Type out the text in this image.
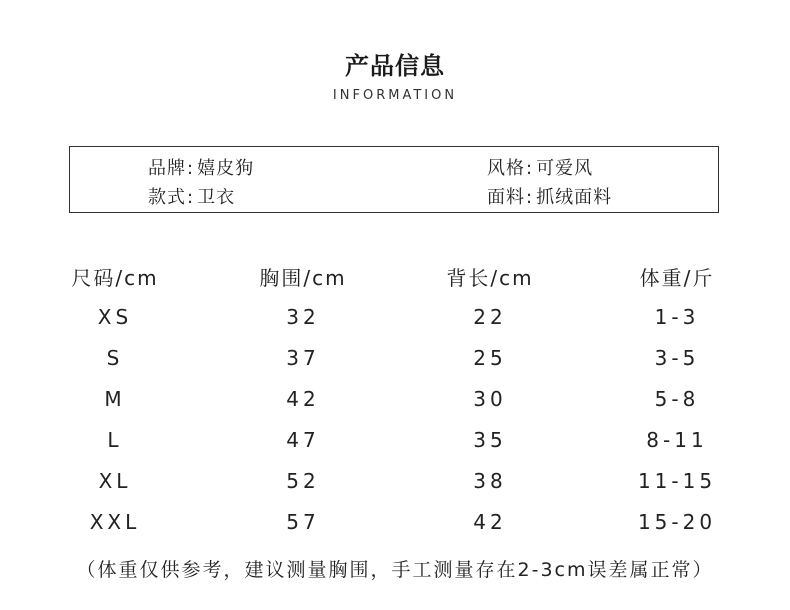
产品信息
INFORMATION
品牌: 嬉皮狗	风格: 可爱风
款式: 卫衣	面料: 抓绒面料
尺码/cm	胸围/cm	背长/cm	体重/斤
XS	32	22	1-3
S	37	25	3-5
M	42	30	5-8
L	47	35	8-11
XL	52	38	11-15
XXL	57	42	15-20
（体重仅供参考，建议测量胸围，手工测量存在2-3cm误差属正常）
